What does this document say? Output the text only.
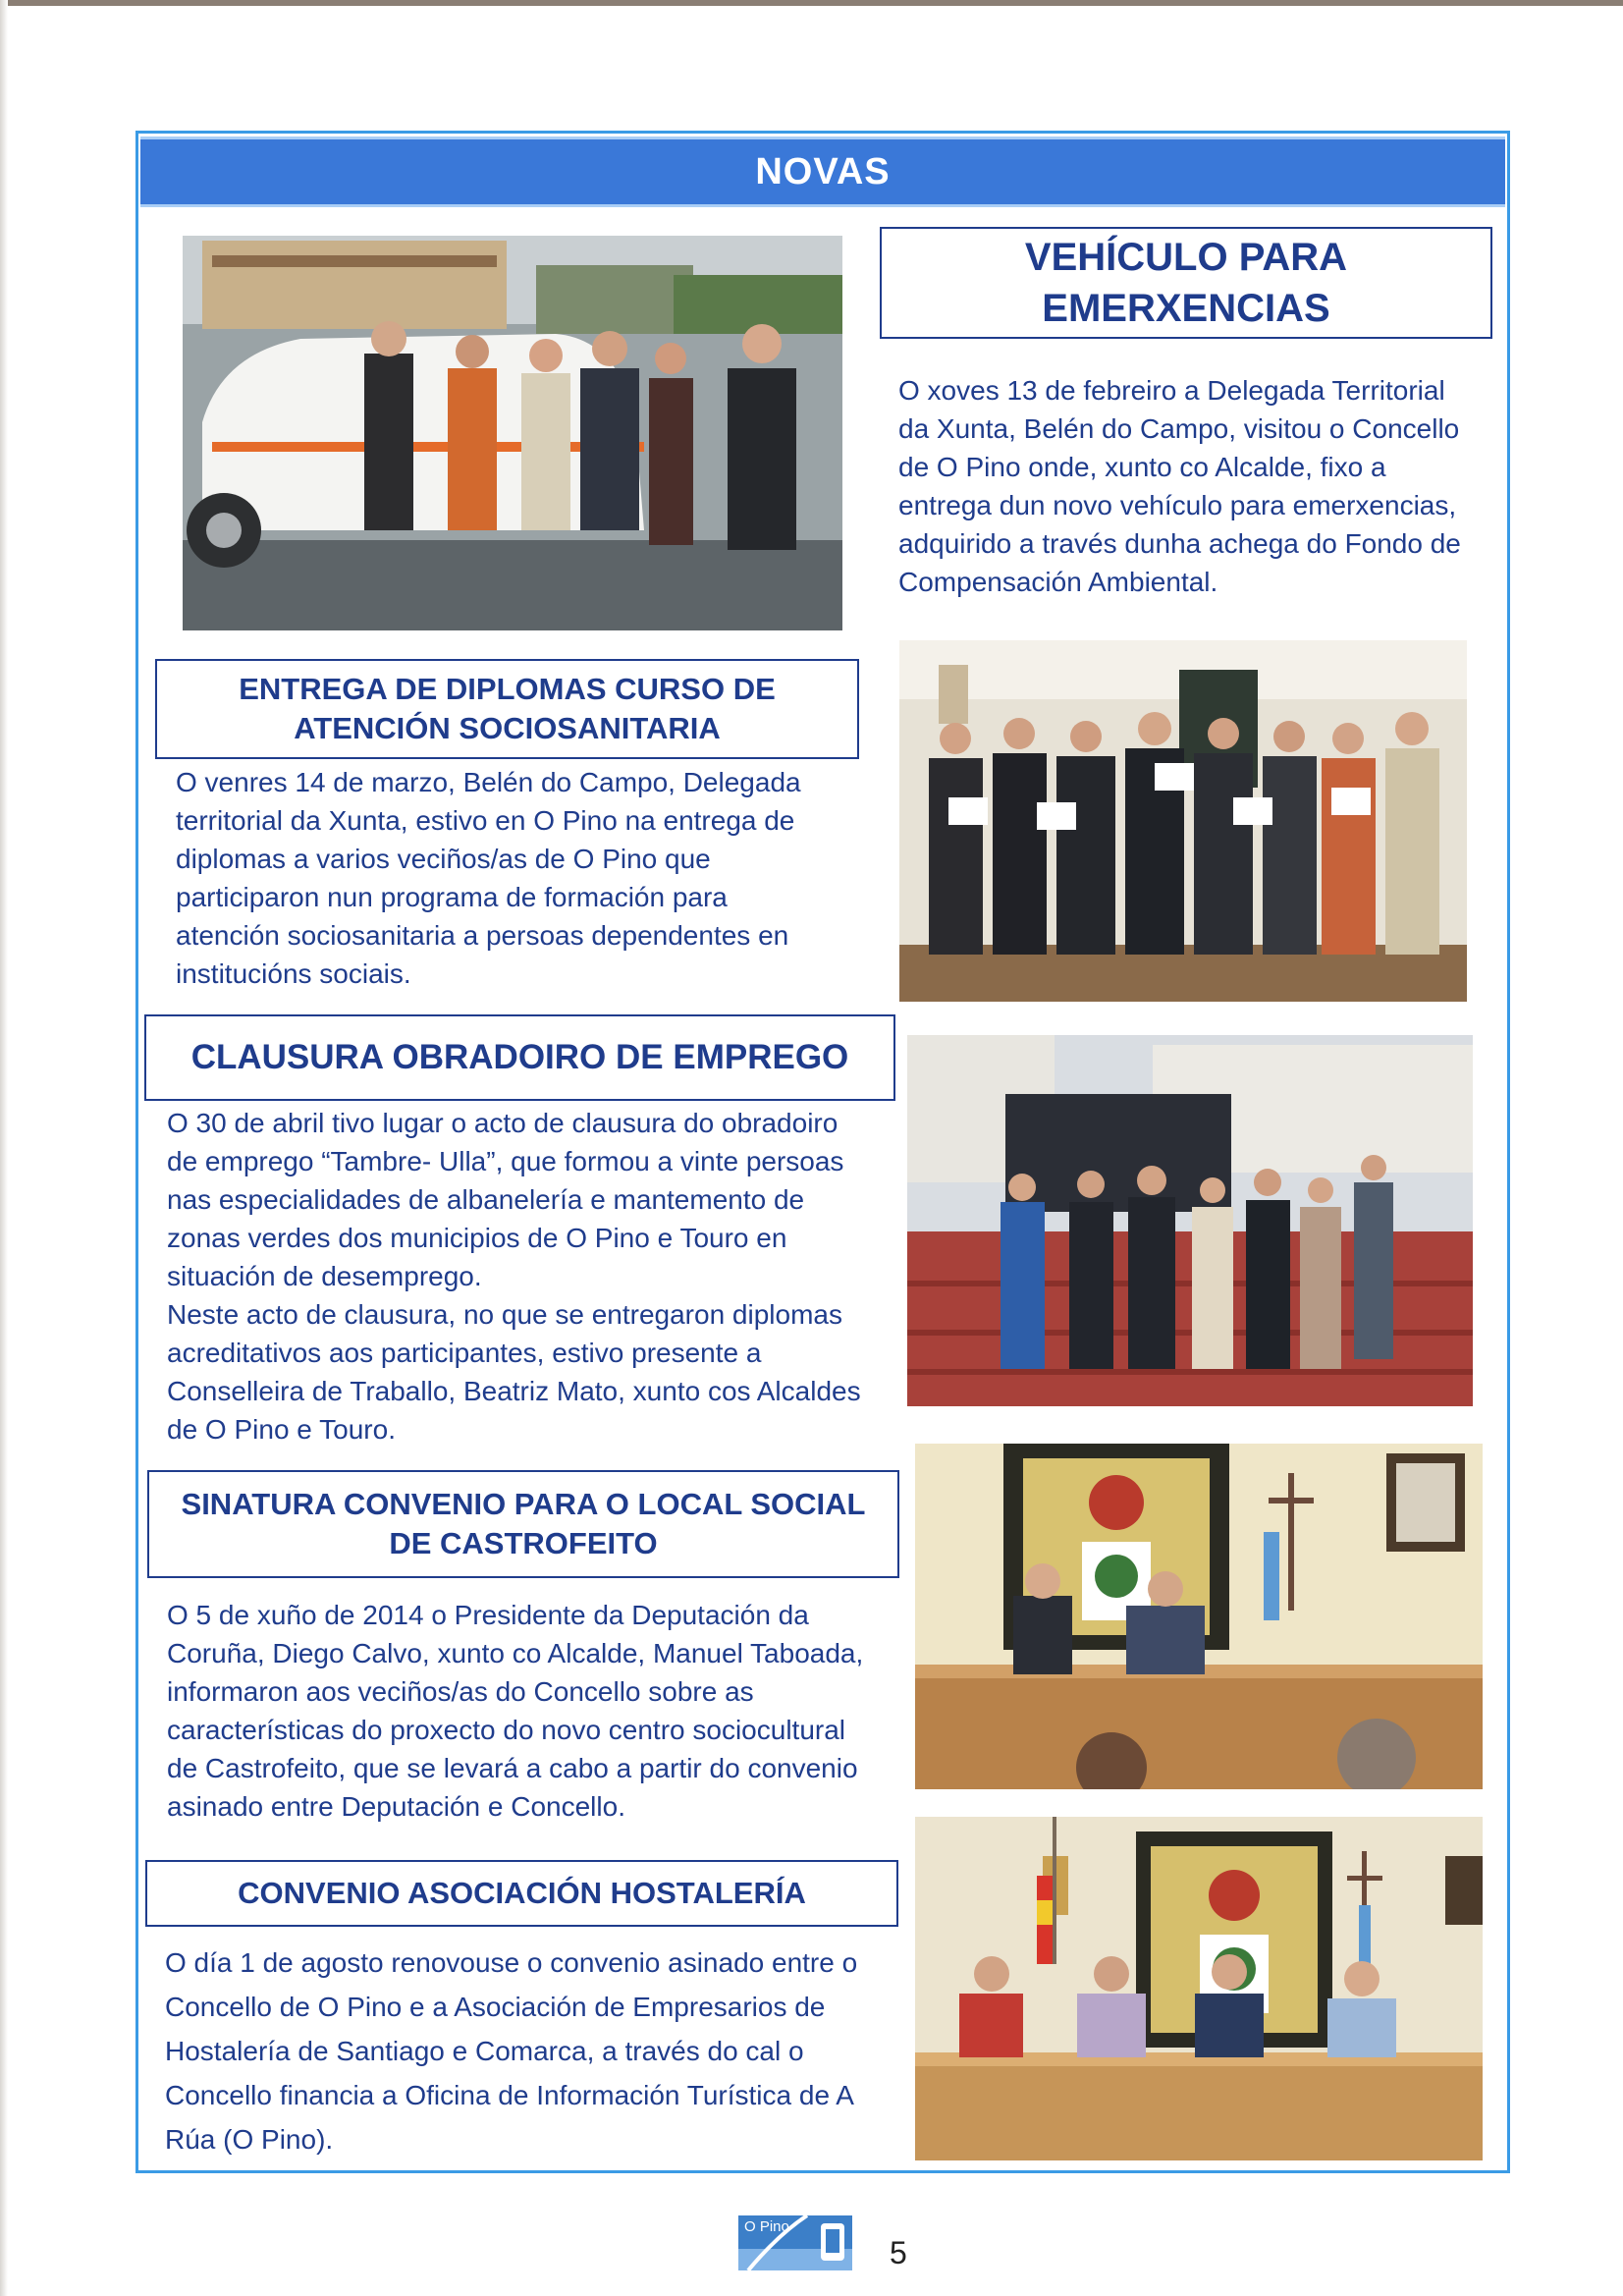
NOVAS
VEHÍCULO PARA
EMERXENCIAS

O xoves 13 de febreiro a Delegada Territorial
da Xunta, Belén do Campo, visitou o Concello
de O Pino onde, xunto co Alcalde, fixo a
entrega dun novo vehículo para emerxencias,
adquirido a través dunha achega do Fondo de
Compensación Ambiental.

ENTREGA DE DIPLOMAS CURSO DE
ATENCIÓN SOCIOSANITARIA

O venres 14 de marzo, Belén do Campo, Delegada
territorial da Xunta, estivo en O Pino na entrega de
diplomas a varios veciños/as de O Pino que
participaron nun programa de formación para
atención sociosanitaria a persoas dependentes en
institucións sociais.

CLAUSURA OBRADOIRO DE EMPREGO

O 30 de abril tivo lugar o acto de clausura do obradoiro
de emprego “Tambre- Ulla”, que formou a vinte persoas
nas especialidades de albanelería e mantemento de
zonas verdes dos municipios de O Pino e Touro en
situación de desemprego.
Neste acto de clausura, no que se entregaron diplomas
acreditativos aos participantes, estivo presente a
Conselleira de Traballo, Beatriz Mato, xunto cos Alcaldes
de O Pino e Touro.

SINATURA CONVENIO PARA O LOCAL SOCIAL
DE CASTROFEITO

O 5 de xuño de 2014 o Presidente da Deputación da
Coruña, Diego Calvo, xunto co Alcalde, Manuel Taboada,
informaron aos veciños/as do Concello sobre as
características do proxecto do novo centro sociocultural
de Castrofeito, que se levará a cabo a partir do convenio
asinado entre Deputación e Concello.

CONVENIO ASOCIACIÓN HOSTALERÍA

O día 1 de agosto renovouse o convenio asinado entre o
Concello de O Pino e a Asociación de Empresarios de
Hostalería de Santiago e Comarca, a través do cal o
Concello financia a Oficina de Información Turística de A
Rúa (O Pino).

O Pino
5
